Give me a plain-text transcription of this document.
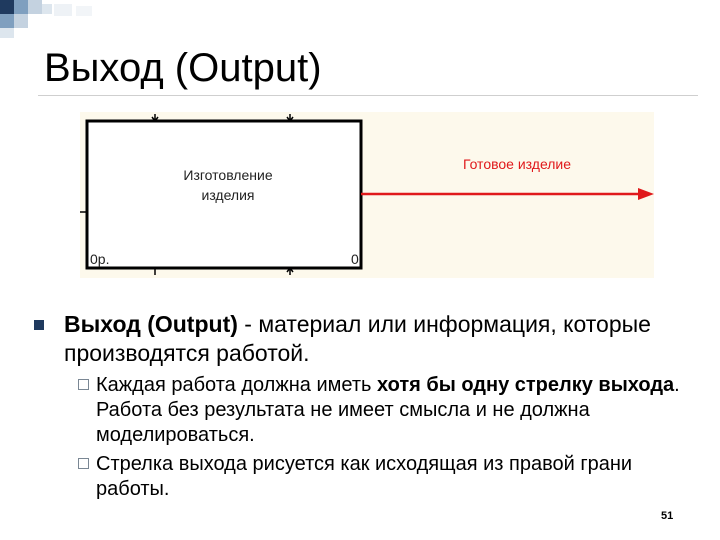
Выход (Output)
Изготовление
изделия
0р.	0
Готовое изделие
Выход (Output) - материал или информация, которые производятся работой.
Каждая работа должна иметь хотя бы одну стрелку выхода. Работа без результата не имеет смысла и не должна моделироваться.
Стрелка выхода рисуется как исходящая из правой грани работы.
51
